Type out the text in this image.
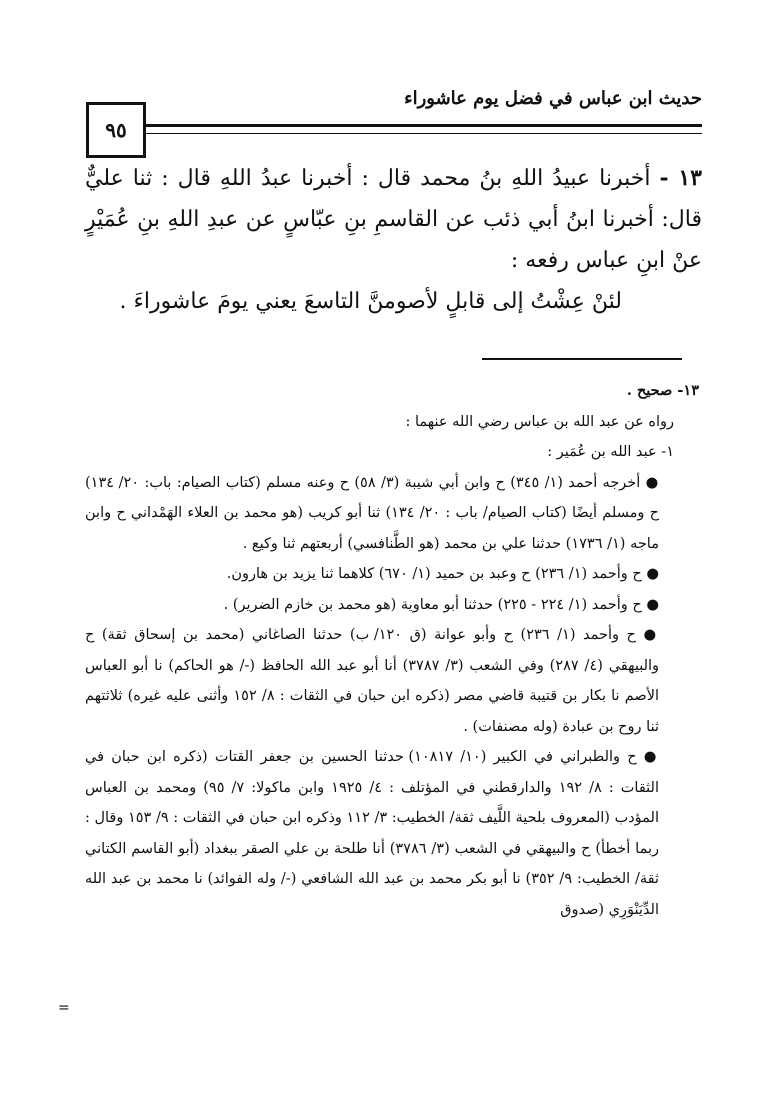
حديث ابن عباس في فضل يوم عاشوراء
٩٥
١٣ - أخبرنا عبيدُ اللهِ بنُ محمد قال : أخبرنا عبدُ اللهِ قال : ثنا عليٌّ قال: أخبرنا ابنُ أبي ذئب عن القاسمِ بنِ عبّاسٍ عن عبدِ اللهِ بنِ عُمَيْرٍ عنْ ابنِ عباس رفعه :
لئنْ عِشْتُ إلى قابلٍ لأصومنَّ التاسعَ يعني يومَ عاشوراءَ .

١٣- صحيح .

رواه عن عبد الله بن عباس رضي الله عنهما :

١- عبد الله بن عُمَير :

● أخرجه أحمد (١/ ٣٤٥) ح وابن أبي شيبة (٣/ ٥٨) ح وعنه مسلم (كتاب الصيام: باب: ٢٠/ ١٣٤) ح ومسلم أيضًا (كتاب الصيام/ باب : ٢٠/ ١٣٤) ثنا أبو كريب (هو محمد بن العلاء الهَمْداني ح وابن ماجه (١/ ١٧٣٦) حدثنا علي بن محمد (هو الطَّنافسي) أربعتهم ثنا وكيع .

● ح وأحمد (١/ ٢٣٦) ح وعبد بن حميد (١/ ٦٧٠) كلاهما ثنا يزيد بن هارون.

● ح وأحمد (١/ ٢٢٤ - ٢٢٥) حدثنا أبو معاوية (هو محمد بن خازم الضرير) .

● ح وأحمد (١/ ٢٣٦) ح وأبو عوانة (ق ١٢٠/ ب) حدثنا الصاغاني (محمد بن إسحاق ثقة) ح والبيهقي (٤/ ٢٨٧) وفي الشعب (٣/ ٣٧٨٧) أنا أبو عبد الله الحافظ (-/ هو الحاكم) نا أبو العباس الأصم نا بكار بن قتيبة قاضي مصر (ذكره ابن حبان في الثقات : ٨/ ١٥٢ وأثنى عليه غيره) ثلاثتهم ثنا روح بن عبادة (وله مصنفات) .

● ح والطبراني في الكبير (١٠/ ١٠٨١٧) حدثنا الحسين بن جعفر القتات (ذكره ابن حبان في الثقات : ٨/ ١٩٢ والدارقطني في المؤتلف : ٤/ ١٩٢٥ وابن ماكولا: ٧/ ٩٥) ومحمد بن العباس المؤدب (المعروف بلحية اللَّيف ثقة/ الخطيب: ٣/ ١١٢ وذكره ابن حبان في الثقات : ٩/ ١٥٣ وقال : ربما أخطأ) ح والبيهقي في الشعب (٣/ ٣٧٨٦) أنا طلحة بن علي الصقر ببغداد (أبو القاسم الكتاني ثقة/ الخطيب: ٩/ ٣٥٢) نا أبو بكر محمد بن عبد الله الشافعي (-/ وله الفوائد) نا محمد بن عبد الله الدِّيَنْوَرِي (صدوق

=
